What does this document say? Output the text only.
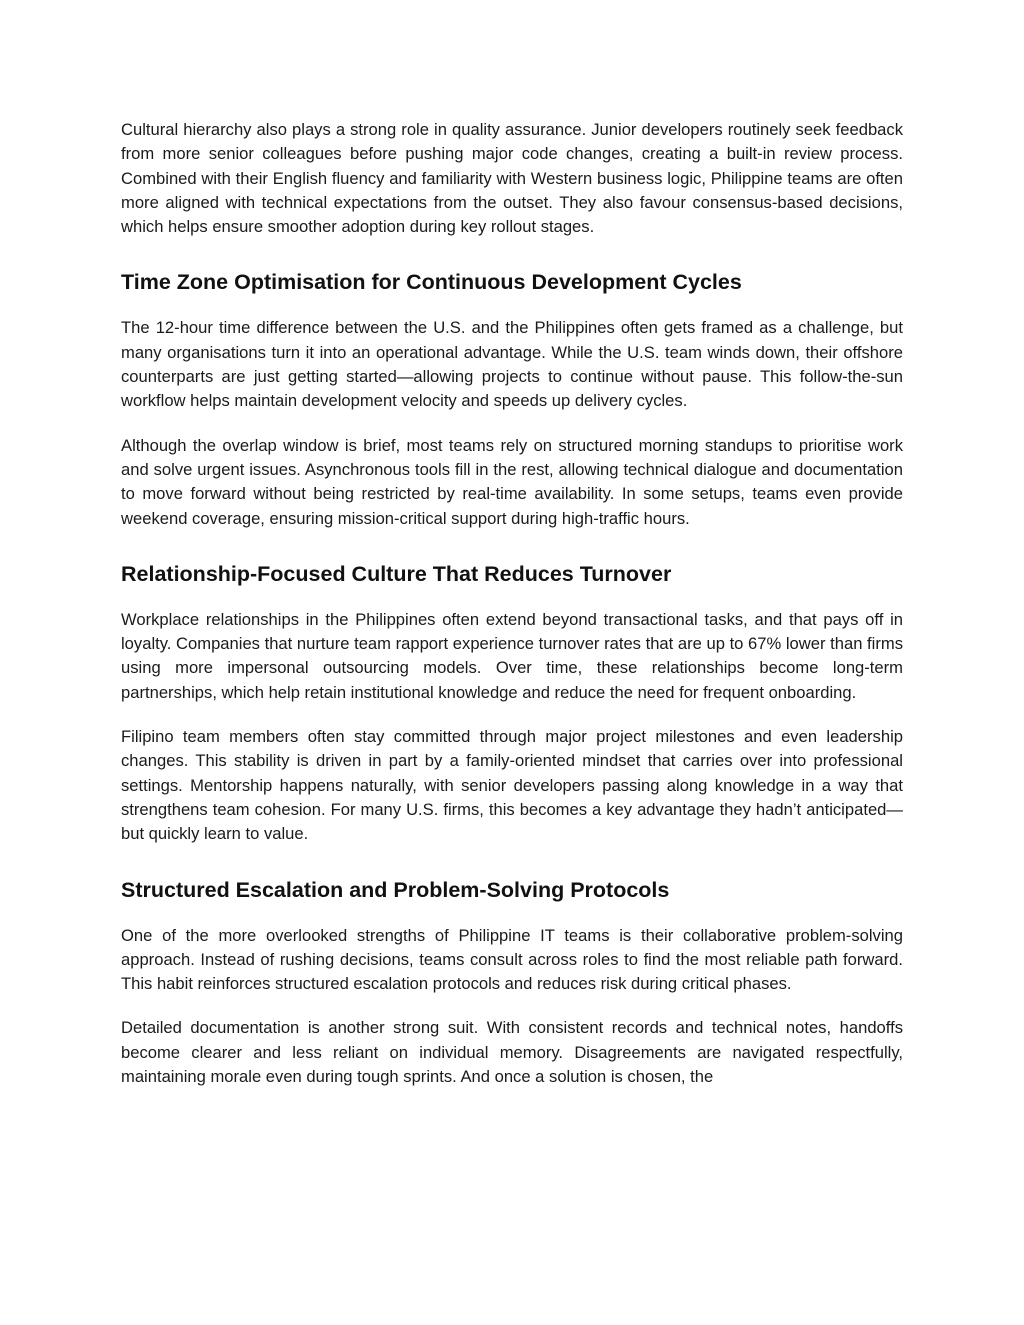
Cultural hierarchy also plays a strong role in quality assurance. Junior developers routinely seek feedback from more senior colleagues before pushing major code changes, creating a built-in review process. Combined with their English fluency and familiarity with Western business logic, Philippine teams are often more aligned with technical expectations from the outset. They also favour consensus-based decisions, which helps ensure smoother adoption during key rollout stages.

Time Zone Optimisation for Continuous Development Cycles

The 12-hour time difference between the U.S. and the Philippines often gets framed as a challenge, but many organisations turn it into an operational advantage. While the U.S. team winds down, their offshore counterparts are just getting started—allowing projects to continue without pause. This follow-the-sun workflow helps maintain development velocity and speeds up delivery cycles.

Although the overlap window is brief, most teams rely on structured morning standups to prioritise work and solve urgent issues. Asynchronous tools fill in the rest, allowing technical dialogue and documentation to move forward without being restricted by real-time availability. In some setups, teams even provide weekend coverage, ensuring mission-critical support during high-traffic hours.

Relationship-Focused Culture That Reduces Turnover

Workplace relationships in the Philippines often extend beyond transactional tasks, and that pays off in loyalty. Companies that nurture team rapport experience turnover rates that are up to 67% lower than firms using more impersonal outsourcing models. Over time, these relationships become long-term partnerships, which help retain institutional knowledge and reduce the need for frequent onboarding.

Filipino team members often stay committed through major project milestones and even leadership changes. This stability is driven in part by a family-oriented mindset that carries over into professional settings. Mentorship happens naturally, with senior developers passing along knowledge in a way that strengthens team cohesion. For many U.S. firms, this becomes a key advantage they hadn’t anticipated—but quickly learn to value.

Structured Escalation and Problem-Solving Protocols

One of the more overlooked strengths of Philippine IT teams is their collaborative problem-solving approach. Instead of rushing decisions, teams consult across roles to find the most reliable path forward. This habit reinforces structured escalation protocols and reduces risk during critical phases.

Detailed documentation is another strong suit. With consistent records and technical notes, handoffs become clearer and less reliant on individual memory. Disagreements are navigated respectfully, maintaining morale even during tough sprints. And once a solution is chosen, the
